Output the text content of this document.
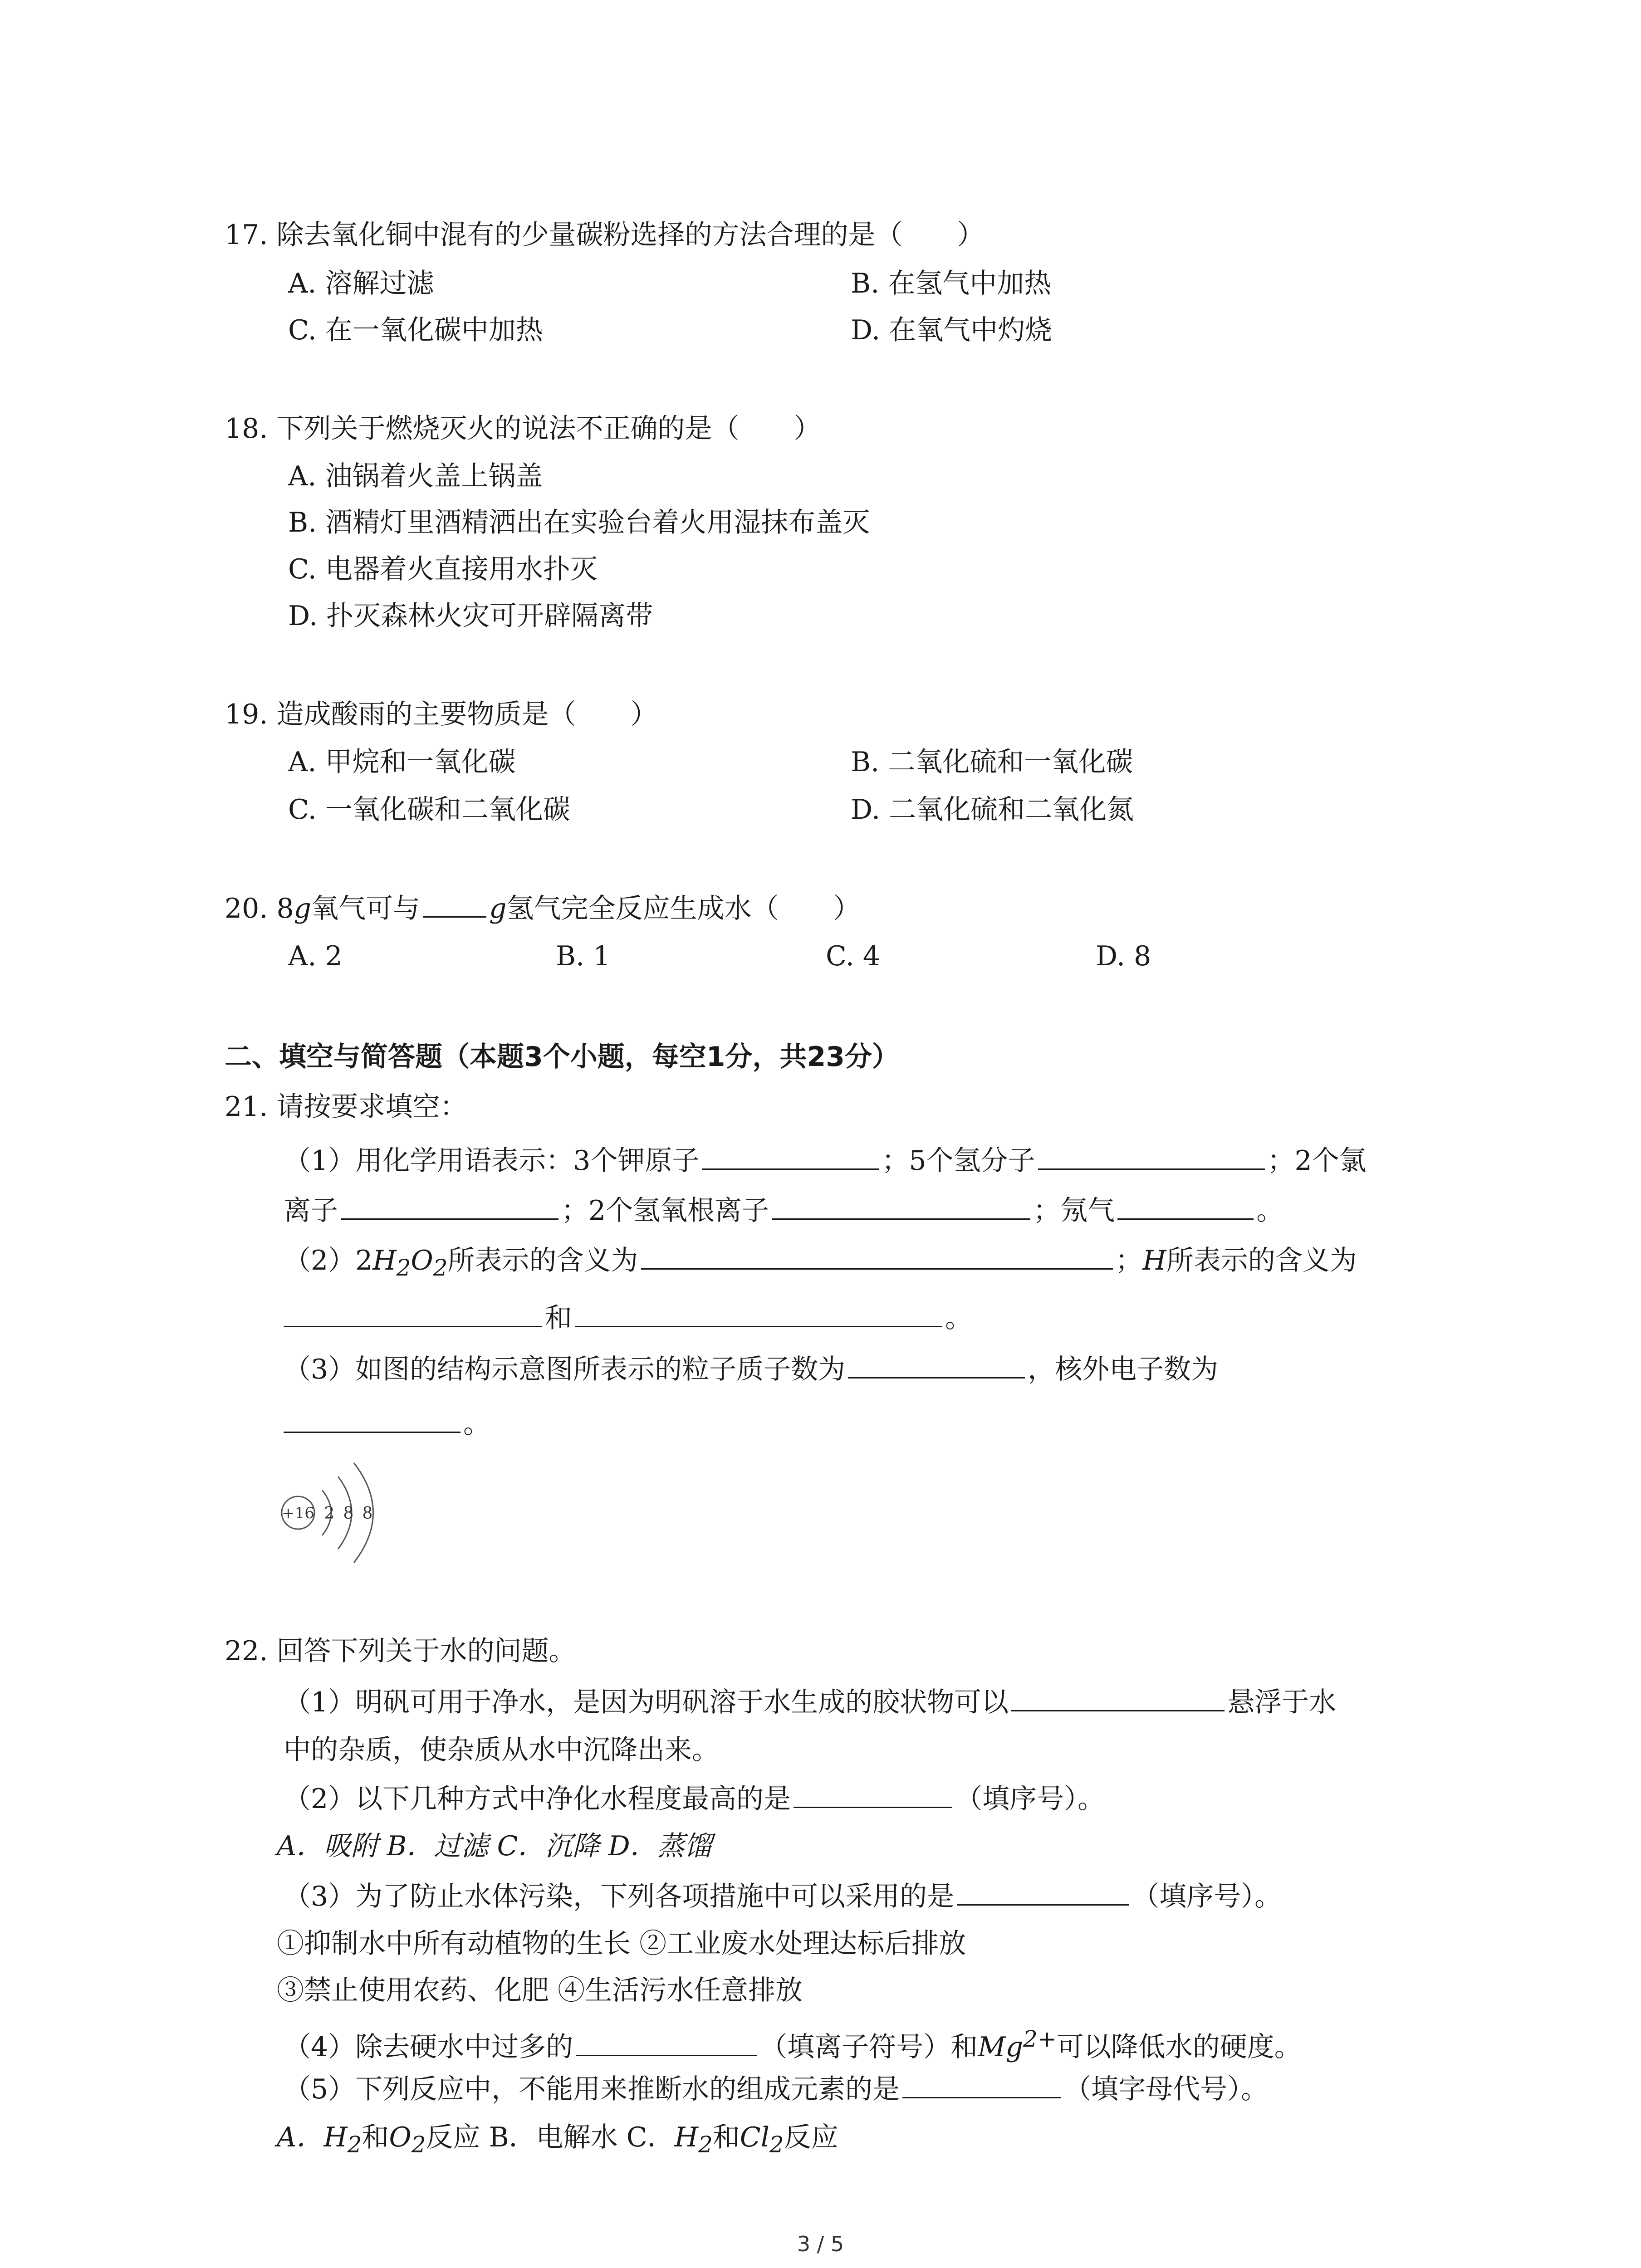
17. 除去氧化铜中混有的少量碳粉选择的方法合理的是（　　）
A. 溶解过滤	B. 在氢气中加热
C. 在一氧化碳中加热	D. 在氧气中灼烧
18. 下列关于燃烧灭火的说法不正确的是（　　）
A. 油锅着火盖上锅盖
B. 酒精灯里酒精洒出在实验台着火用湿抹布盖灭
C. 电器着火直接用水扑灭
D. 扑灭森林火灾可开辟隔离带
19. 造成酸雨的主要物质是（　　）
A. 甲烷和一氧化碳	B. 二氧化硫和一氧化碳
C. 一氧化碳和二氧化碳	D. 二氧化硫和二氧化氮
20. 8g氧气可与	g氢气完全反应生成水（　　）
A. 2	B. 1	C. 4	D. 8
二、填空与简答题（本题3个小题，每空1分，共23分）
21. 请按要求填空：
（1）用化学用语表示：3个钾原子	；5个氢分子	；2个氯
离子	；2个氢氧根离子	；氖气	。
$(2)2H_2O_2$所表示的含义为	；H所表示的含义为
和	。
（3）如图的结构示意图所表示的粒子质子数为	，核外电子数为
。
+16 2 8 8
22. 回答下列关于水的问题。
（1）明矾可用于净水，是因为明矾溶于水生成的胶状物可以	悬浮于水
中的杂质，使杂质从水中沉降出来。
（2）以下几种方式中净化水程度最高的是	（填序号）。
A．吸附 B．过滤 C．沉降 D．蒸馏
（3）为了防止水体污染，下列各项措施中可以采用的是	（填序号）。
①抑制水中所有动植物的生长 ②工业废水处理达标后排放
③禁止使用农药、化肥 ④生活污水任意排放
（4）除去硬水中过多的	（填离子符号）和$Mg^{2+}$可以降低水的硬度。
（5）下列反应中，不能用来推断水的组成元素的是	（填字母代号）。
A．$H_2$和$O_2$反应 B．电解水 C．$H_2$和$Cl_2$反应
3 / 5
